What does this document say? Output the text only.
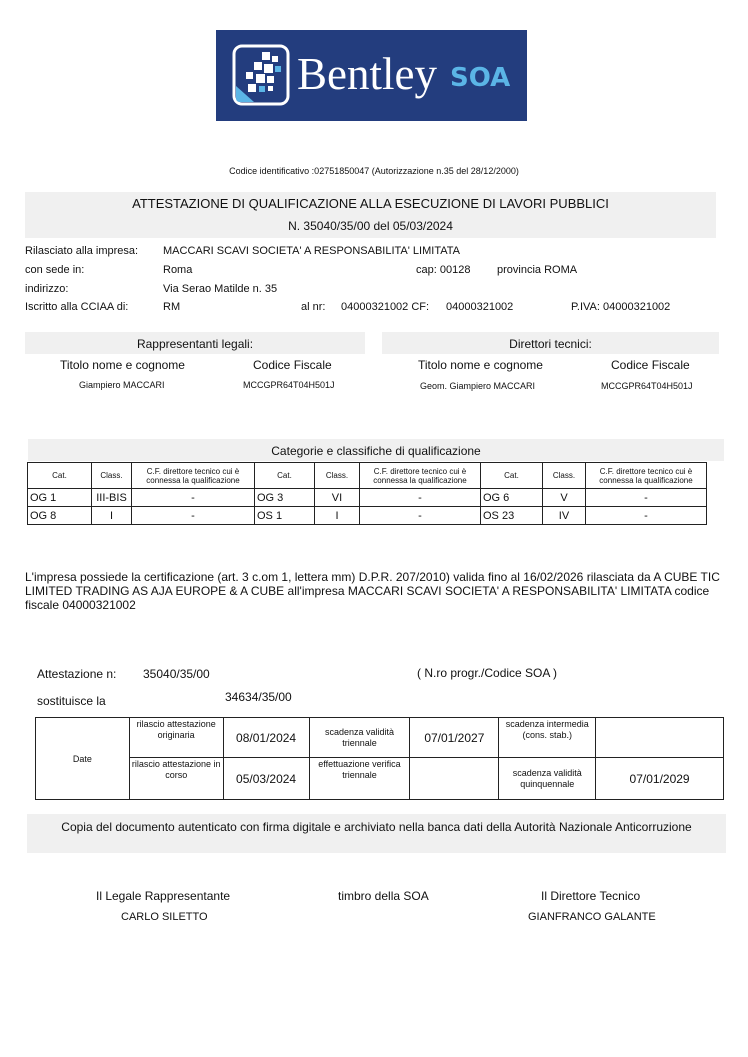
Bentley SOA
Codice identificativo :02751850047 (Autorizzazione n.35 del 28/12/2000)
ATTESTAZIONE DI QUALIFICAZIONE ALLA ESECUZIONE DI LAVORI PUBBLICI
N. 35040/35/00 del 05/03/2024
Rilasciato alla impresa: MACCARI SCAVI SOCIETA' A RESPONSABILITA' LIMITATA
con sede in:	Roma	cap: 00128 provincia ROMA
indirizzo:	Via Serao Matilde n. 35
Iscritto alla CCIAA di:	RM	al nr: 04000321002 CF: 04000321002	P.IVA: 04000321002
Rappresentanti legali:
Titolo nome e cognome	Codice Fiscale
Giampiero MACCARI	MCCGPR64T04H501J
Direttori tecnici:
Titolo nome e cognome	Codice Fiscale
Geom. Giampiero MACCARI	MCCGPR64T04H501J
Categorie e classifiche di qualificazione
Cat.	Class.	C.F. direttore tecnico cui è connessa la qualificazione	Cat.	Class.	C.F. direttore tecnico cui è connessa la qualificazione	Cat.	Class.	C.F. direttore tecnico cui è connessa la qualificazione
OG 1	III-BIS	-	OG 3	VI	-	OG 6	V	-
OG 8	I	-	OS 1	I	-	OS 23	IV	-
L'impresa possiede la certificazione (art. 3 c.om 1, lettera mm) D.P.R. 207/2010) valida fino al 16/02/2026 rilasciata da A CUBE TIC LIMITED TRADING AS AJA EUROPE & A CUBE all'impresa MACCARI SCAVI SOCIETA' A RESPONSABILITA' LIMITATA codice fiscale 04000321002
Attestazione n: 35040/35/00	( N.ro progr./Codice SOA )
sostituisce la	34634/35/00
Date	rilascio attestazione originaria	08/01/2024	scadenza validità triennale	07/01/2027	scadenza intermedia (cons. stab.)	
	rilascio attestazione in corso	05/03/2024	effettuazione verifica triennale		scadenza validità quinquennale	07/01/2029
Copia del documento autenticato con firma digitale e archiviato nella banca dati della Autorità Nazionale Anticorruzione
Il Legale Rappresentante
CARLO SILETTO
timbro della SOA	Il Direttore Tecnico
GIANFRANCO GALANTE
